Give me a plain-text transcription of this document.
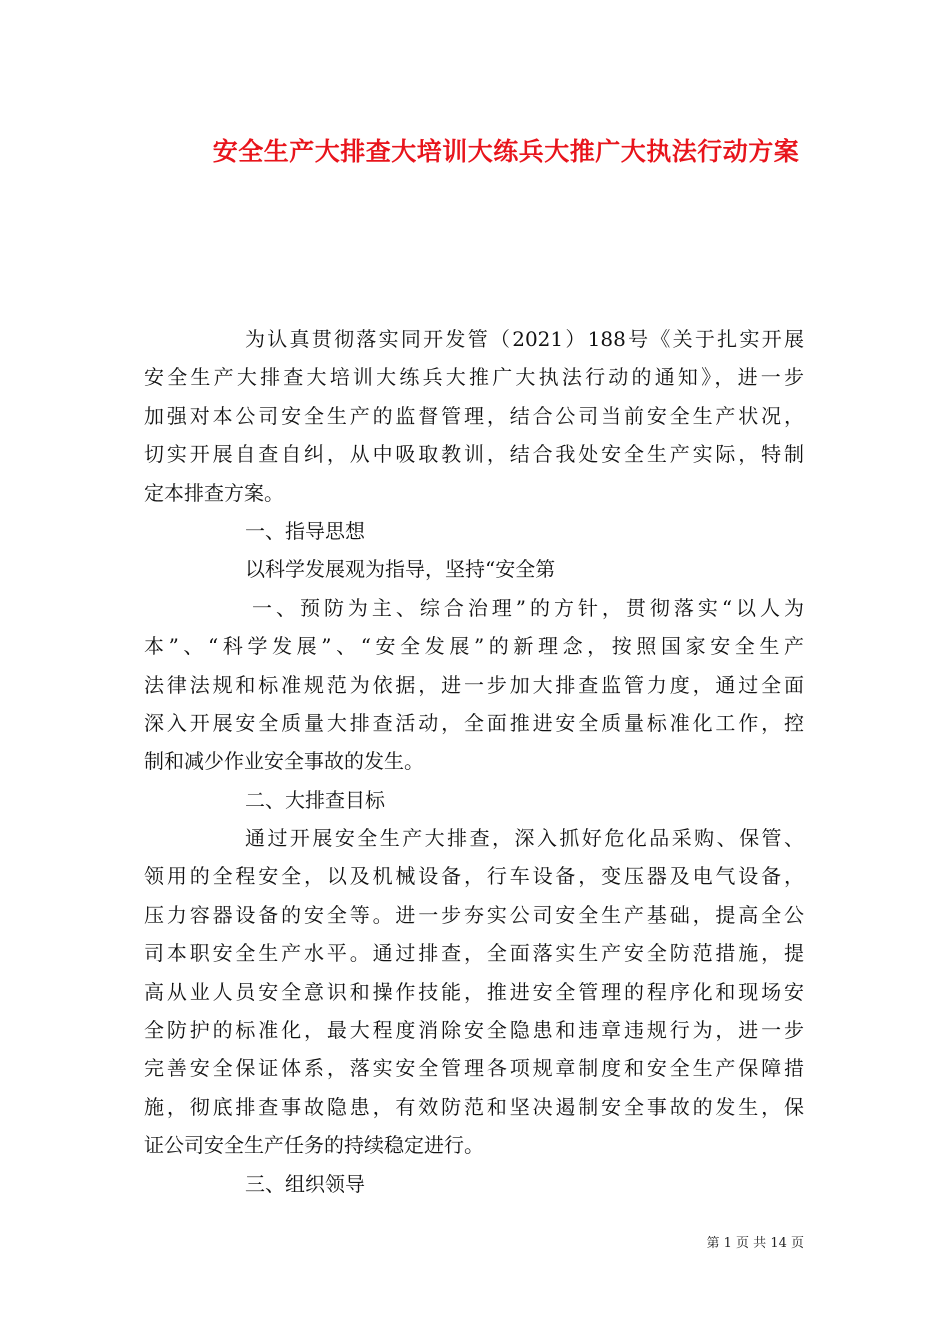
安全生产大排查大培训大练兵大推广大执法行动方案
为认真贯彻落实同开发管（2021）188号《关于扎实开展
安全生产大排查大培训大练兵大推广大执法行动的通知》，进一步
加强对本公司安全生产的监督管理，结合公司当前安全生产状况，
切实开展自查自纠，从中吸取教训，结合我处安全生产实际，特制
定本排查方案。
一、指导思想
以科学发展观为指导，坚持“安全第
一、预防为主、综合治理”的方针，贯彻落实“以人为
本”、“科学发展”、“安全发展”的新理念，按照国家安全生产
法律法规和标准规范为依据，进一步加大排查监管力度，通过全面
深入开展安全质量大排查活动，全面推进安全质量标准化工作，控
制和减少作业安全事故的发生。
二、大排查目标
通过开展安全生产大排查，深入抓好危化品采购、保管、
领用的全程安全，以及机械设备，行车设备，变压器及电气设备，
压力容器设备的安全等。进一步夯实公司安全生产基础，提高全公
司本职安全生产水平。通过排查，全面落实生产安全防范措施，提
高从业人员安全意识和操作技能，推进安全管理的程序化和现场安
全防护的标准化，最大程度消除安全隐患和违章违规行为，进一步
完善安全保证体系，落实安全管理各项规章制度和安全生产保障措
施，彻底排查事故隐患，有效防范和坚决遏制安全事故的发生，保
证公司安全生产任务的持续稳定进行。
三、组织领导
第 1 页 共 14 页
